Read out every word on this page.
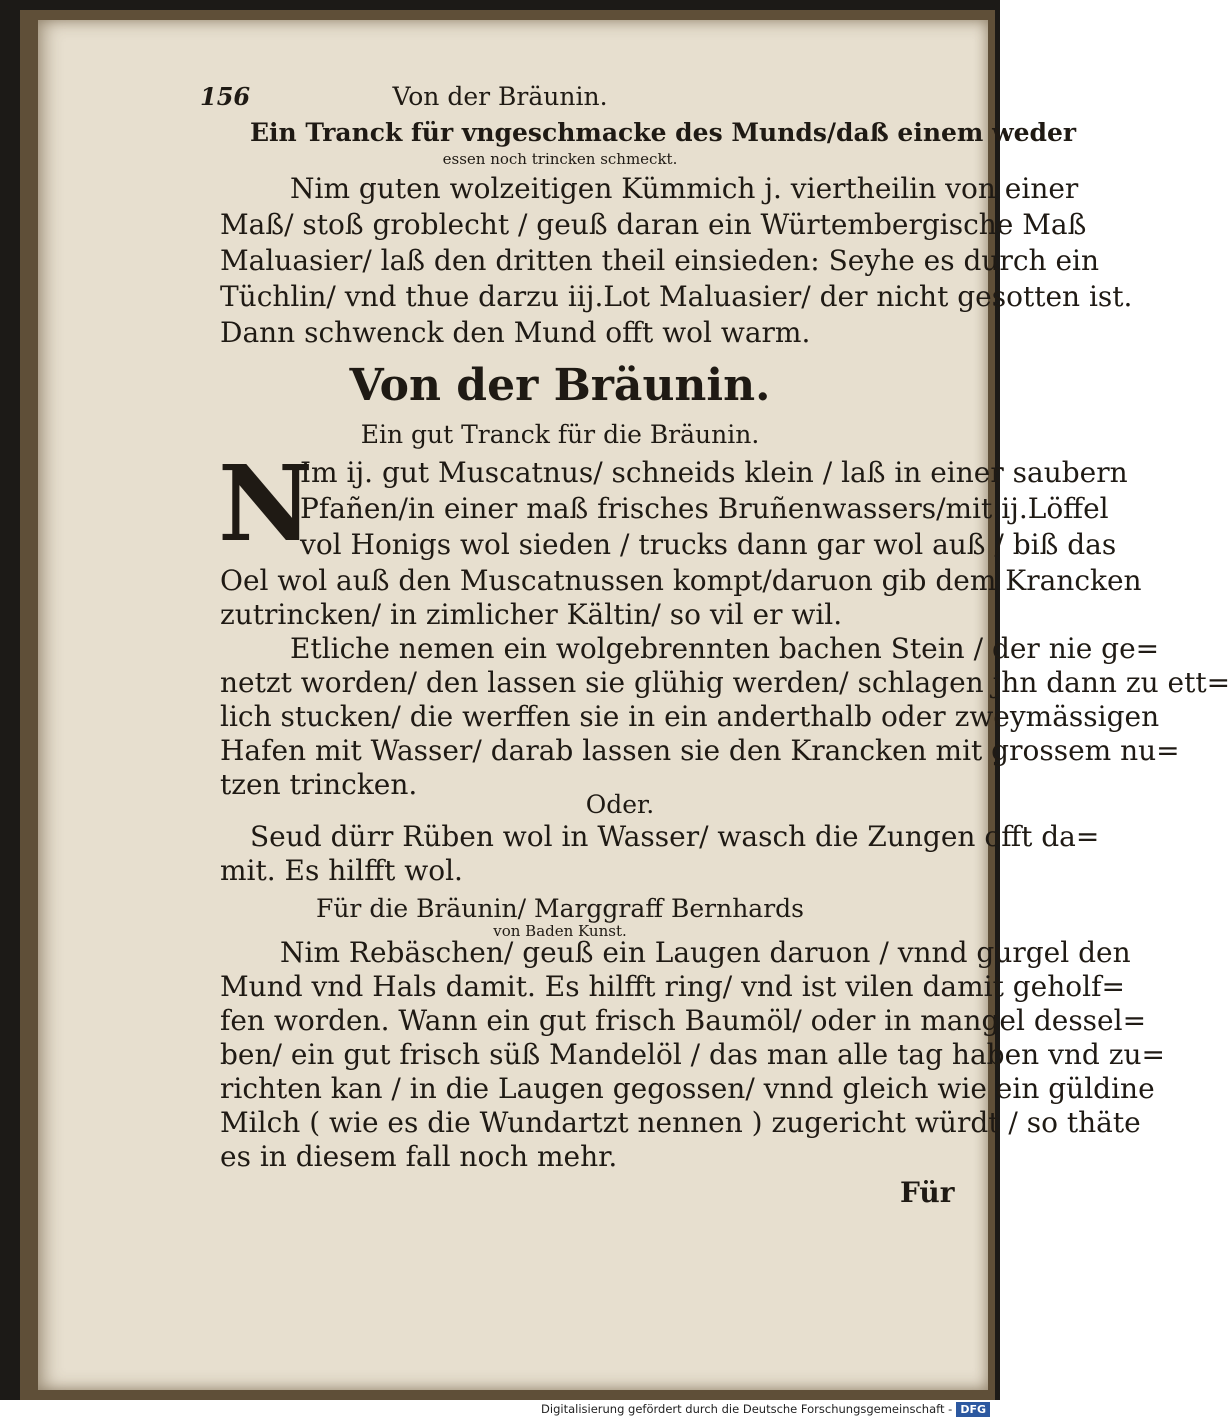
156	Von der Bräunin.
Ein Tranck für vngeschmacke des Munds/daß einem weder
essen noch trincken schmeckt.
Nim guten wolzeitigen Kümmich j. viertheilin von einer
Maß/ stoß groblecht / geuß daran ein Würtembergische Maß
Maluasier/ laß den dritten theil einsieden: Seyhe es durch ein
Tüchlin/ vnd thue darzu iij.Lot Maluasier/ der nicht gesotten ist.
Dann schwenck den Mund offt wol warm.
Von der Bräunin.
Ein gut Tranck für die Bräunin.
N
Im ij. gut Muscatnus/ schneids klein / laß in einer saubern
Pfañen/in einer maß frisches Bruñenwassers/mit ij.Löffel
vol Honigs wol sieden / trucks dann gar wol auß / biß das
Oel wol auß den Muscatnussen kompt/daruon gib dem Krancken
zutrincken/ in zimlicher Kältin/ so vil er wil.
Etliche nemen ein wolgebrennten bachen Stein / der nie ge=
netzt worden/ den lassen sie glühig werden/ schlagen jhn dann zu ett=
lich stucken/ die werffen sie in ein anderthalb oder zweymässigen
Hafen mit Wasser/ darab lassen sie den Krancken mit grossem nu=
tzen trincken.
Oder.
Seud dürr Rüben wol in Wasser/ wasch die Zungen offt da=
mit. Es hilfft wol.
Für die Bräunin/ Marggraff Bernhards
von Baden Kunst.
Nim Rebäschen/ geuß ein Laugen daruon / vnnd gurgel den
Mund vnd Hals damit. Es hilfft ring/ vnd ist vilen damit geholf=
fen worden. Wann ein gut frisch Baumöl/ oder in mangel dessel=
ben/ ein gut frisch süß Mandelöl / das man alle tag haben vnd zu=
richten kan / in die Laugen gegossen/ vnnd gleich wie ein güldine
Milch ( wie es die Wundartzt nennen ) zugericht würdt / so thäte
es in diesem fall noch mehr.
Für
Digitalisierung gefördert durch die Deutsche Forschungsgemeinschaft - DFG
